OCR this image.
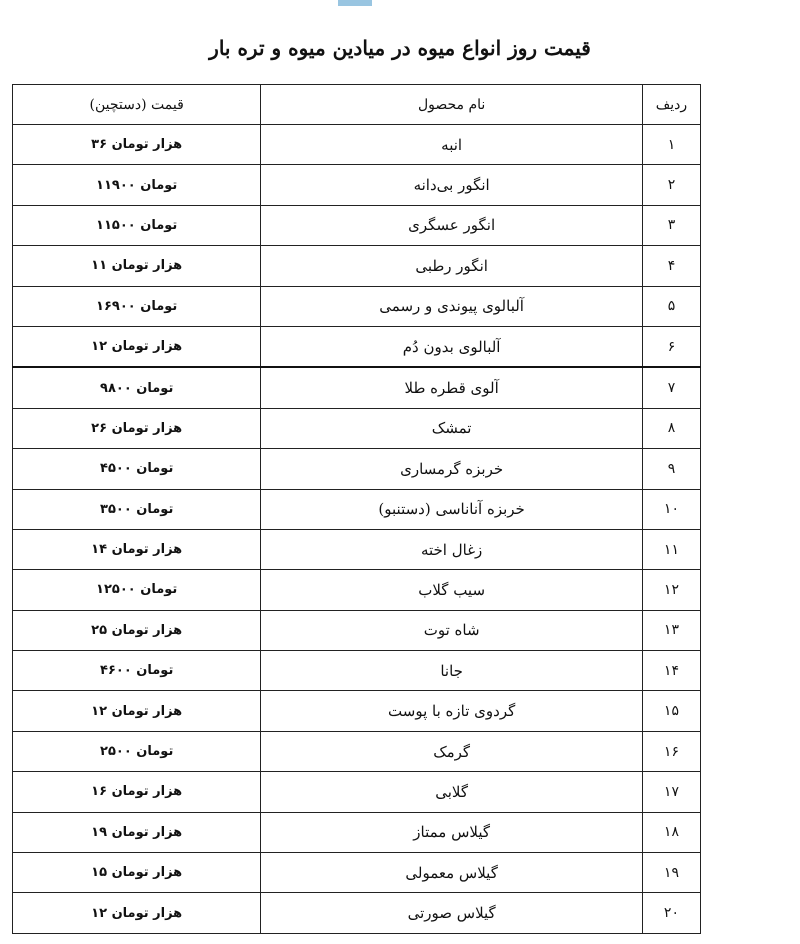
قیمت روز انواع میوه در میادین میوه و تره بار
قیمت (دستچین)	نام محصول	ردیف
۳۶ هزار تومان	انبه	۱
۱۱۹۰۰ تومان	انگور بی‌دانه	۲
۱۱۵۰۰ تومان	انگور عسگری	۳
۱۱ هزار تومان	انگور رطبی	۴
۱۶۹۰۰ تومان	آلبالوی پیوندی و رسمی	۵
۱۲ هزار تومان	آلبالوی بدون دُم	۶
۹۸۰۰ تومان	آلوی قطره طلا	۷
۲۶ هزار تومان	تمشک	۸
۴۵۰۰ تومان	خربزه گرمساری	۹
۳۵۰۰ تومان	خربزه آناناسی (دستنبو)	۱۰
۱۴ هزار تومان	زغال اخته	۱۱
۱۲۵۰۰ تومان	سیب گلاب	۱۲
۲۵ هزار تومان	شاه توت	۱۳
۴۶۰۰ تومان	جانا	۱۴
۱۲ هزار تومان	گردوی تازه با پوست	۱۵
۲۵۰۰ تومان	گرمک	۱۶
۱۶ هزار تومان	گلابی	۱۷
۱۹ هزار تومان	گیلاس ممتاز	۱۸
۱۵ هزار تومان	گیلاس معمولی	۱۹
۱۲ هزار تومان	گیلاس صورتی	۲۰
